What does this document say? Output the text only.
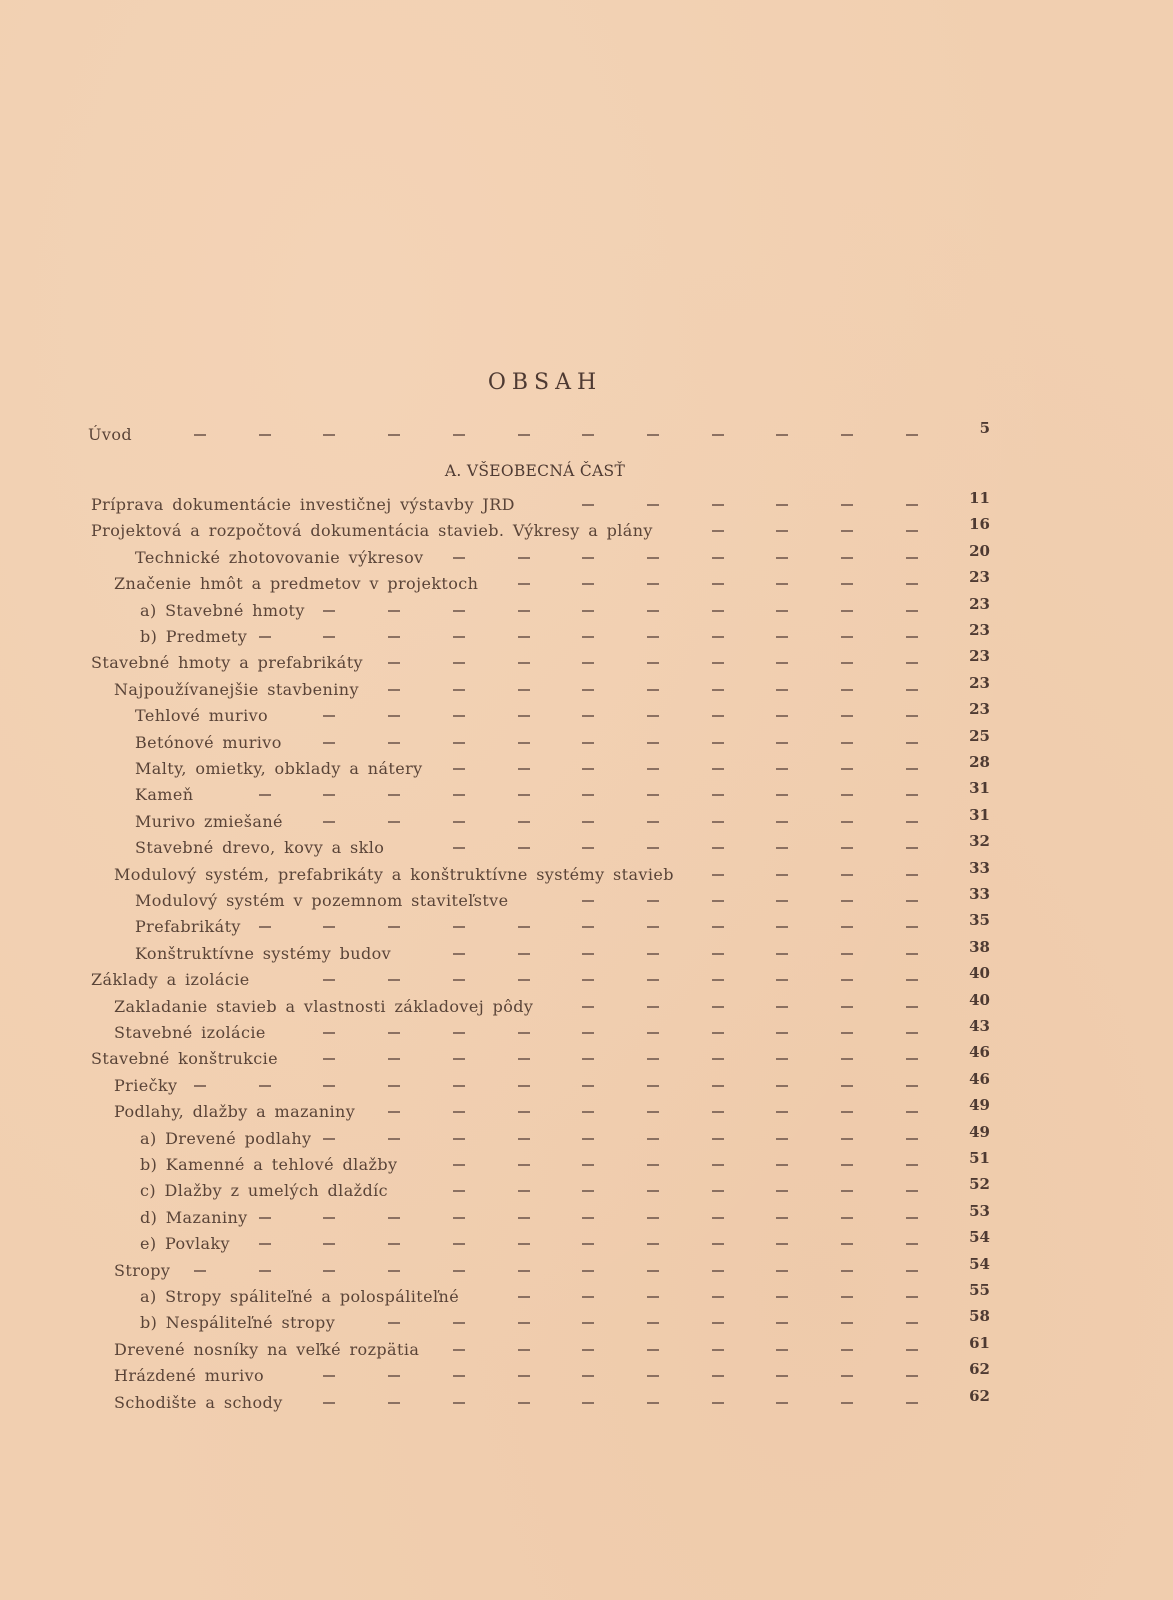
OBSAH
Úvod	5
A. VŠEOBECNÁ ČASŤ
Príprava dokumentácie investičnej výstavby JRD	11
Projektová a rozpočtová dokumentácia stavieb. Výkresy a plány	16
Technické zhotovovanie výkresov	20
Značenie hmôt a predmetov v projektoch	23
a) Stavebné hmoty	23
b) Predmety	23
Stavebné hmoty a prefabrikáty	23
Najpoužívanejšie stavbeniny	23
Tehlové murivo	23
Betónové murivo	25
Malty, omietky, obklady a nátery	28
Kameň	31
Murivo zmiešané	31
Stavebné drevo, kovy a sklo	32
Modulový systém, prefabrikáty a konštruktívne systémy stavieb	33
Modulový systém v pozemnom staviteľstve	33
Prefabrikáty	35
Konštruktívne systémy budov	38
Základy a izolácie	40
Zakladanie stavieb a vlastnosti základovej pôdy	40
Stavebné izolácie	43
Stavebné konštrukcie	46
Priečky	46
Podlahy, dlažby a mazaniny	49
a) Drevené podlahy	49
b) Kamenné a tehlové dlažby	51
c) Dlažby z umelých dlaždíc	52
d) Mazaniny	53
e) Povlaky	54
Stropy	54
a) Stropy spáliteľné a polospáliteľné	55
b) Nespáliteľné stropy	58
Drevené nosníky na veľké rozpätia	61
Hrázdené murivo	62
Schodište a schody	62
